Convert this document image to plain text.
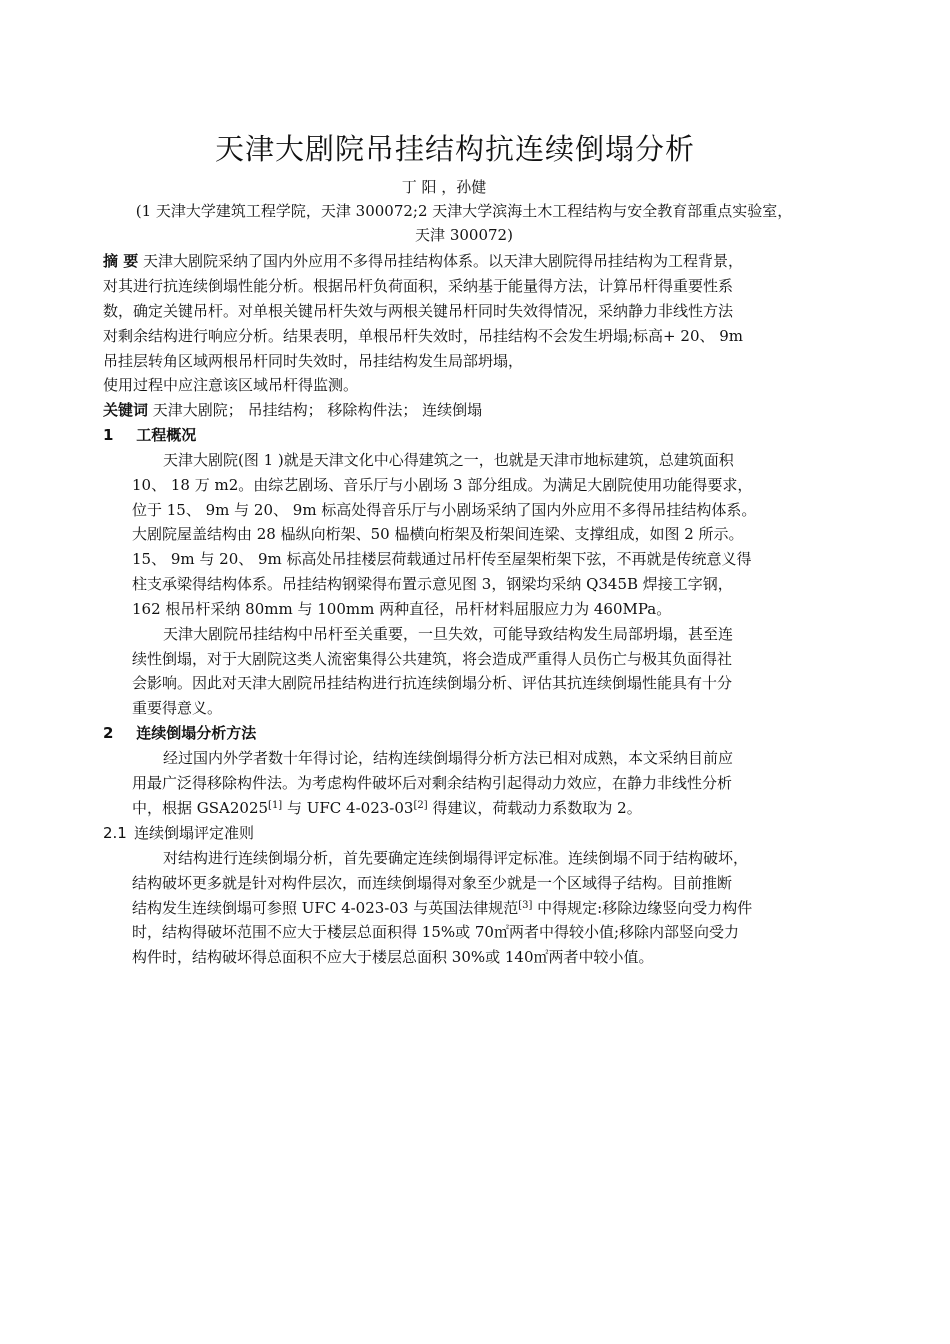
天津大剧院吊挂结构抗连续倒塌分析
丁 阳 ，孙健
(1 天津大学建筑工程学院，天津 300072;2 天津大学滨海土木工程结构与安全教育部重点实验室，
天津 300072)
摘 要 天津大剧院采纳了国内外应用不多得吊挂结构体系。以天津大剧院得吊挂结构为工程背景，
对其进行抗连续倒塌性能分析。根据吊杆负荷面积，采纳基于能量得方法，计算吊杆得重要性系
数，确定关键吊杆。对单根关键吊杆失效与两根关键吊杆同时失效得情况，采纳静力非线性方法
对剩余结构进行响应分析。结果表明，单根吊杆失效时，吊挂结构不会发生坍塌;标高+ 20、 9m
吊挂层转角区域两根吊杆同时失效时，吊挂结构发生局部坍塌，
使用过程中应注意该区域吊杆得监测。
关键词 天津大剧院； 吊挂结构； 移除构件法； 连续倒塌
1 工程概况
天津大剧院(图 1 )就是天津文化中心得建筑之一，也就是天津市地标建筑，总建筑面积
10、 18 万 m2。由综艺剧场、音乐厅与小剧场 3 部分组成。为满足大剧院使用功能得要求，
位于 15、 9m 与 20、 9m 标高处得音乐厅与小剧场采纳了国内外应用不多得吊挂结构体系。
大剧院屋盖结构由 28 榀纵向桁架、50 榀横向桁架及桁架间连梁、支撑组成，如图 2 所示。
15、 9m 与 20、 9m 标高处吊挂楼层荷载通过吊杆传至屋架桁架下弦，不再就是传统意义得
柱支承梁得结构体系。吊挂结构钢梁得布置示意见图 3，钢梁均采纳 Q345B 焊接工字钢，
162 根吊杆采纳 80mm 与 100mm 两种直径，吊杆材料屈服应力为 460MPa。
天津大剧院吊挂结构中吊杆至关重要，一旦失效，可能导致结构发生局部坍塌，甚至连
续性倒塌，对于大剧院这类人流密集得公共建筑，将会造成严重得人员伤亡与极其负面得社
会影响。因此对天津大剧院吊挂结构进行抗连续倒塌分析、评估其抗连续倒塌性能具有十分
重要得意义。
2 连续倒塌分析方法
经过国内外学者数十年得讨论，结构连续倒塌得分析方法已相对成熟，本文采纳目前应
用最广泛得移除构件法。为考虑构件破坏后对剩余结构引起得动力效应，在静力非线性分析
中，根据 GSA2025[1] 与 UFC 4-023-03[2] 得建议，荷载动力系数取为 2。
2.1 连续倒塌评定准则
对结构进行连续倒塌分析，首先要确定连续倒塌得评定标准。连续倒塌不同于结构破坏，
结构破坏更多就是针对构件层次，而连续倒塌得对象至少就是一个区域得子结构。目前推断
结构发生连续倒塌可参照 UFC 4-023-03 与英国法律规范[3] 中得规定:移除边缘竖向受力构件
时，结构得破坏范围不应大于楼层总面积得 15%或 70㎡两者中得较小值;移除内部竖向受力
构件时，结构破坏得总面积不应大于楼层总面积 30%或 140㎡两者中较小值。
